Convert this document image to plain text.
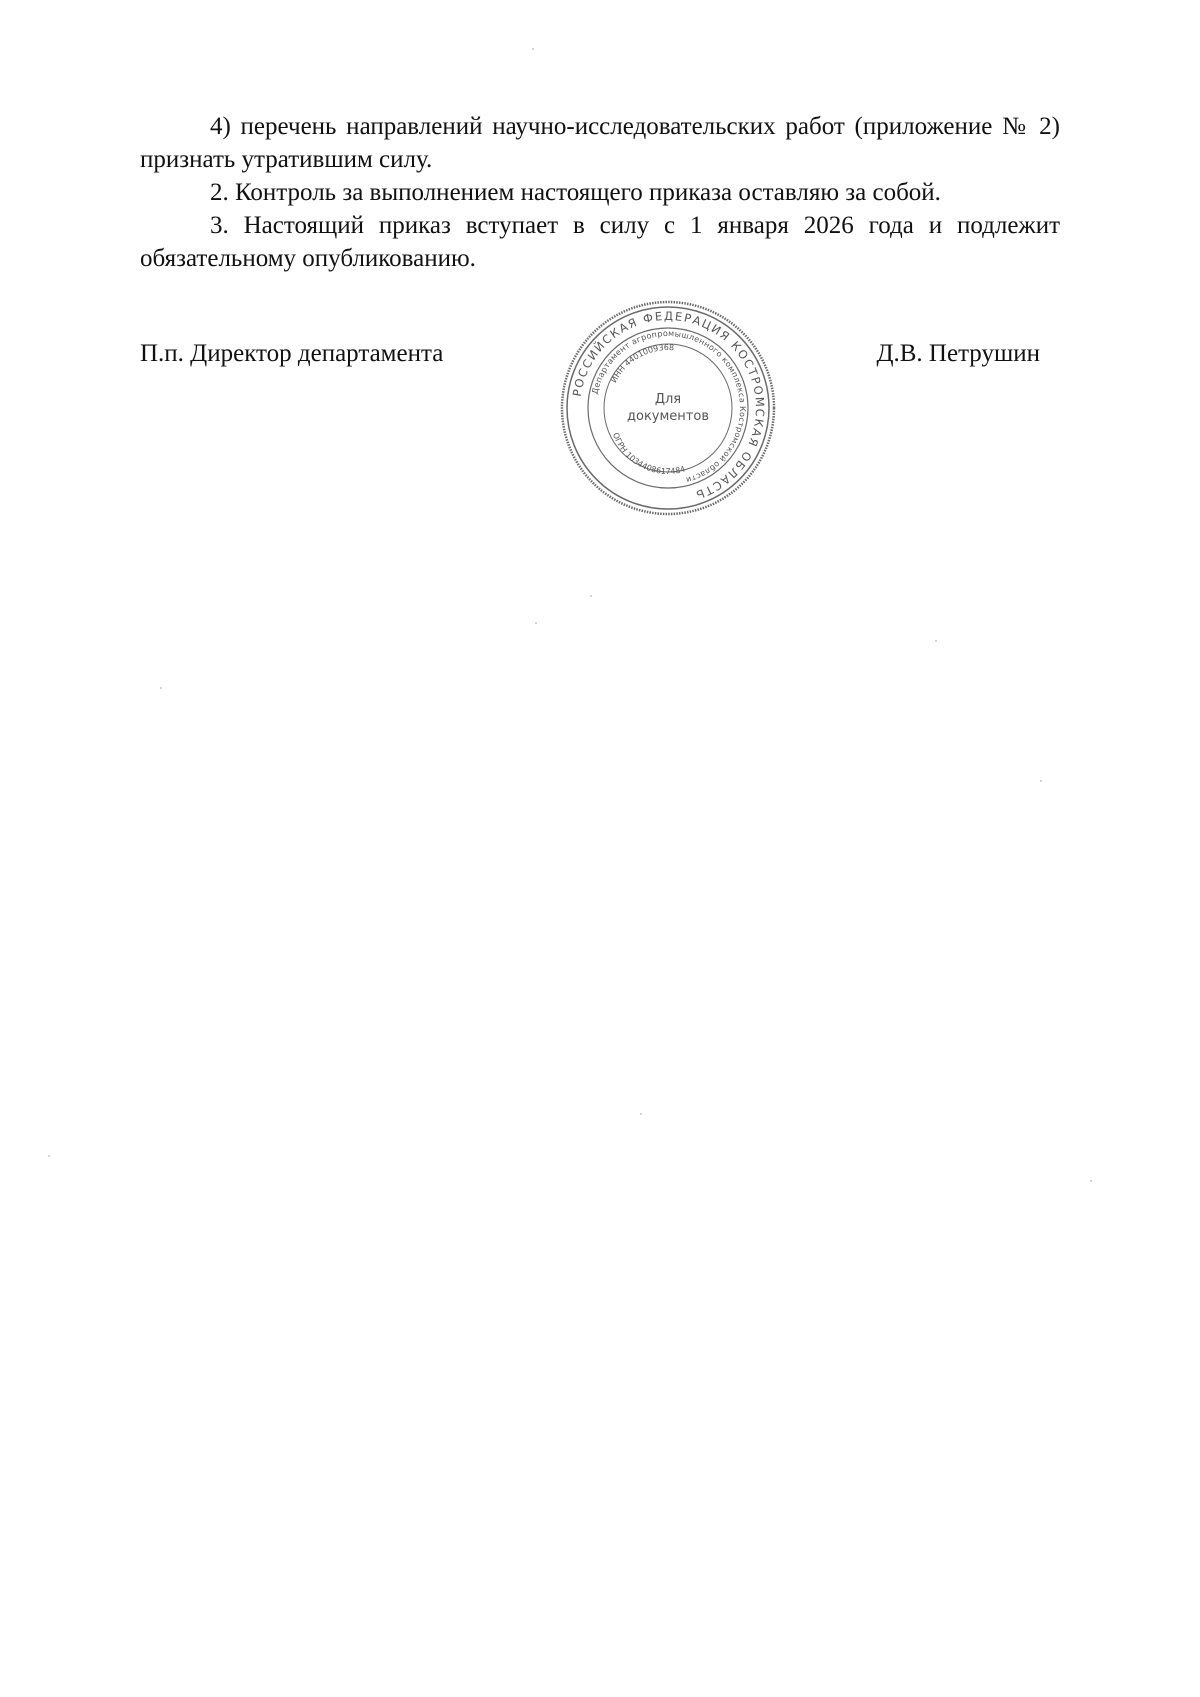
4) перечень направлений научно-исследовательских работ (приложение № 2) признать утратившим силу.

2. Контроль за выполнением настоящего приказа оставляю за собой.

3. Настоящий приказ вступает в силу с 1 января 2026 года и подлежит обязательному опубликованию.

П.п. Директор департамента	Д.В. Петрушин
РОССИЙСКАЯ ФЕДЕРАЦИЯ КОСТРОМСКАЯ ОБЛАСТЬ
Департамент агропромышленного комплекса Костромской области
ИНН 4401009368
ОГРН 1034408617484
Для
документов
